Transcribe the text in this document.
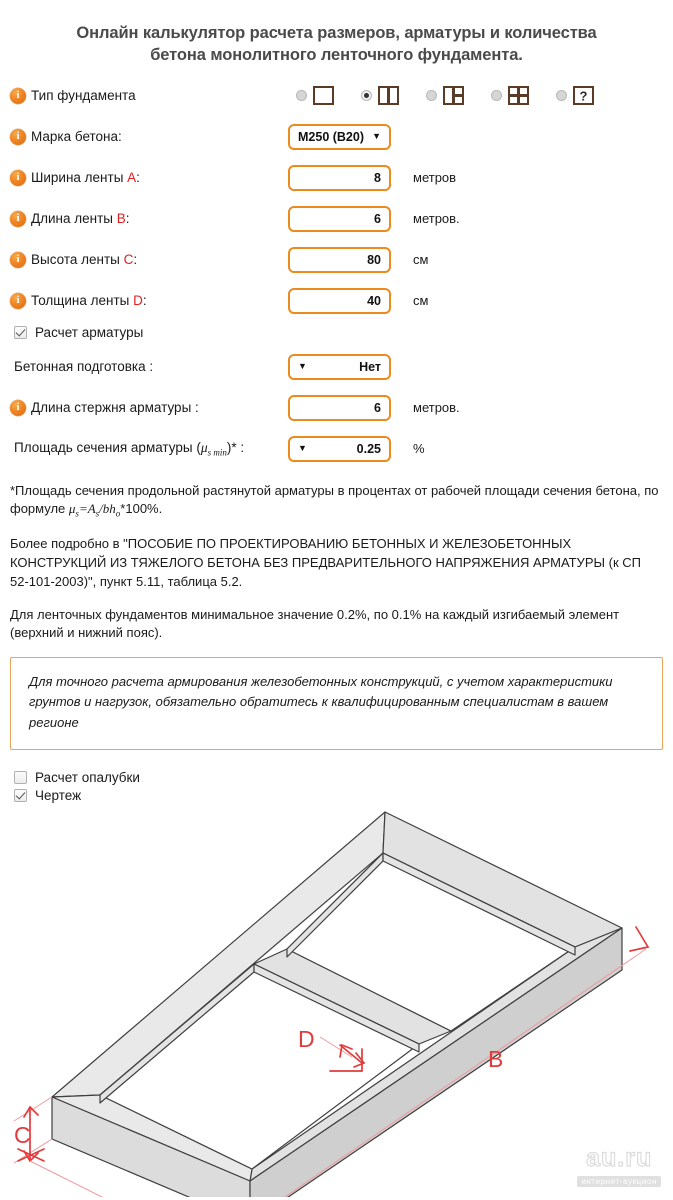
Онлайн калькулятор расчета размеров, арматуры и количества
бетона монолитного ленточного фундамента.
i Тип фундамента	?
i Марка бетона:	M250 (B20) ▼
i Ширина ленты A:	8 метров
i Длина ленты B:	6 метров.
i Высота ленты C:	80 см
i Толщина ленты D:	40 см
Расчет арматуры
Бетонная подготовка :	▼	Нет
i Длина стержня арматуры :	6 метров.
Площадь сечения арматуры $(\mu_{s min})*$ :	▼	0.25 %

*Площадь сечения продольной растянутой арматуры в процентах от рабочей площади сечения бетона, по формуле $\mu_s=A_s/bh_o*100\%$.

Более подробно в "ПОСОБИЕ ПО ПРОЕКТИРОВАНИЮ БЕТОННЫХ И ЖЕЛЕЗОБЕТОННЫХ КОНСТРУКЦИЙ ИЗ ТЯЖЕЛОГО БЕТОНА БЕЗ ПРЕДВАРИТЕЛЬНОГО НАПРЯЖЕНИЯ АРМАТУРЫ (к СП 52-101-2003)", пункт 5.11, таблица 5.2.

Для ленточных фундаментов минимальное значение 0.2%, по 0.1% на каждый изгибаемый элемент (верхний и нижний пояс).

Для точного расчета армирования железобетонных конструкций, с учетом характеристики грунтов и нагрузок, обязательно обратитесь к квалифицированным специалистам в вашем регионе
Расчет опалубки
Чертеж
C
B
D
au.ru
интернет-аукцион
